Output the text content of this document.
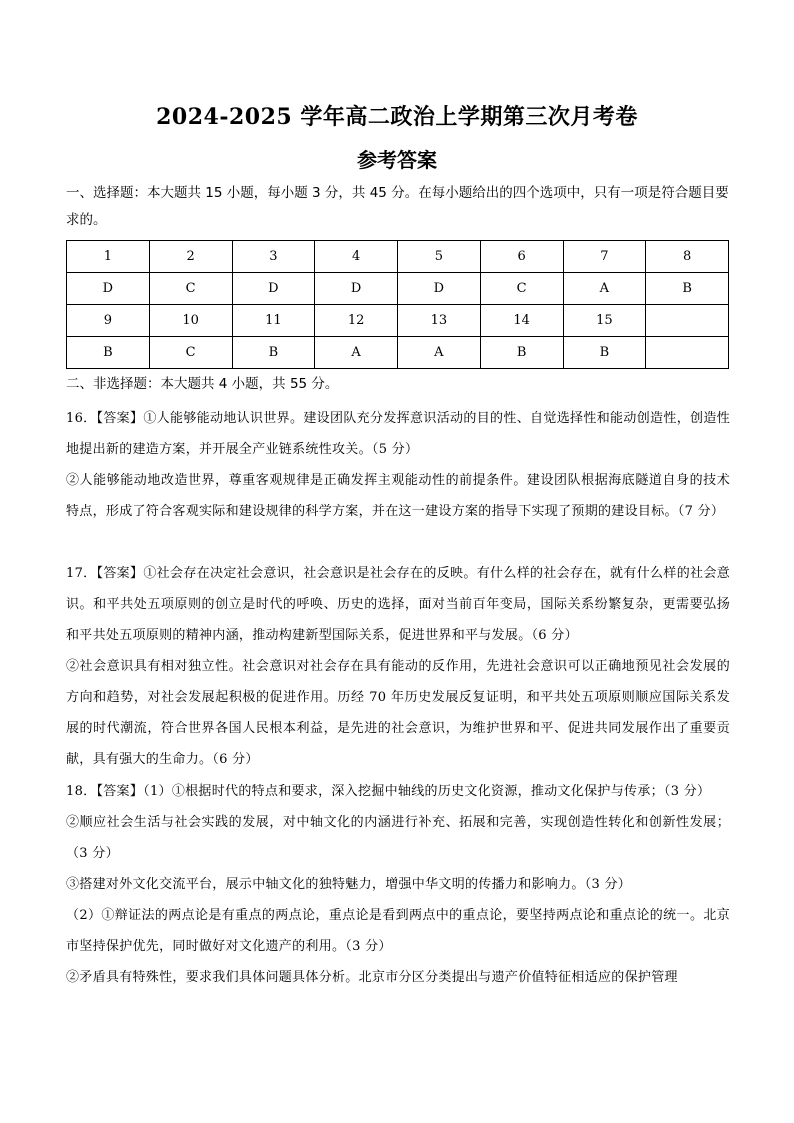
2024-2025 学年高二政治上学期第三次月考卷
参考答案
一、选择题：本大题共 15 小题，每小题 3 分，共 45 分。在每小题给出的四个选项中，只有一项是符合题目要求的。
1	2	3	4	5	6	7	8
D	C	D	D	D	C	A	B
9	10	11	12	13	14	15	
B	C	B	A	A	B	B	
二、非选择题：本大题共 4 小题，共 55 分。

16．【答案】①人能够能动地认识世界。建设团队充分发挥意识活动的目的性、自觉选择性和能动创造性，创造性地提出新的建造方案，并开展全产业链系统性攻关。（5 分）

②人能够能动地改造世界，尊重客观规律是正确发挥主观能动性的前提条件。建设团队根据海底隧道自身的技术特点，形成了符合客观实际和建设规律的科学方案，并在这一建设方案的指导下实现了预期的建设目标。（7 分）

17．【答案】①社会存在决定社会意识，社会意识是社会存在的反映。有什么样的社会存在，就有什么样的社会意识。和平共处五项原则的创立是时代的呼唤、历史的选择，面对当前百年变局，国际关系纷繁复杂，更需要弘扬和平共处五项原则的精神内涵，推动构建新型国际关系，促进世界和平与发展。（6 分）

②社会意识具有相对独立性。社会意识对社会存在具有能动的反作用，先进社会意识可以正确地预见社会发展的方向和趋势，对社会发展起积极的促进作用。历经 70 年历史发展反复证明，和平共处五项原则顺应国际关系发展的时代潮流，符合世界各国人民根本利益，是先进的社会意识，为维护世界和平、促进共同发展作出了重要贡献，具有强大的生命力。（6 分）

18．【答案】（1）①根据时代的特点和要求，深入挖掘中轴线的历史文化资源，推动文化保护与传承；（3 分）

②顺应社会生活与社会实践的发展，对中轴文化的内涵进行补充、拓展和完善，实现创造性转化和创新性发展；（3 分）

③搭建对外文化交流平台，展示中轴文化的独特魅力，增强中华文明的传播力和影响力。（3 分）

（2）①辩证法的两点论是有重点的两点论，重点论是看到两点中的重点论，要坚持两点论和重点论的统一。北京市坚持保护优先，同时做好对文化遗产的利用。（3 分）

②矛盾具有特殊性，要求我们具体问题具体分析。北京市分区分类提出与遗产价值特征相适应的保护管理
